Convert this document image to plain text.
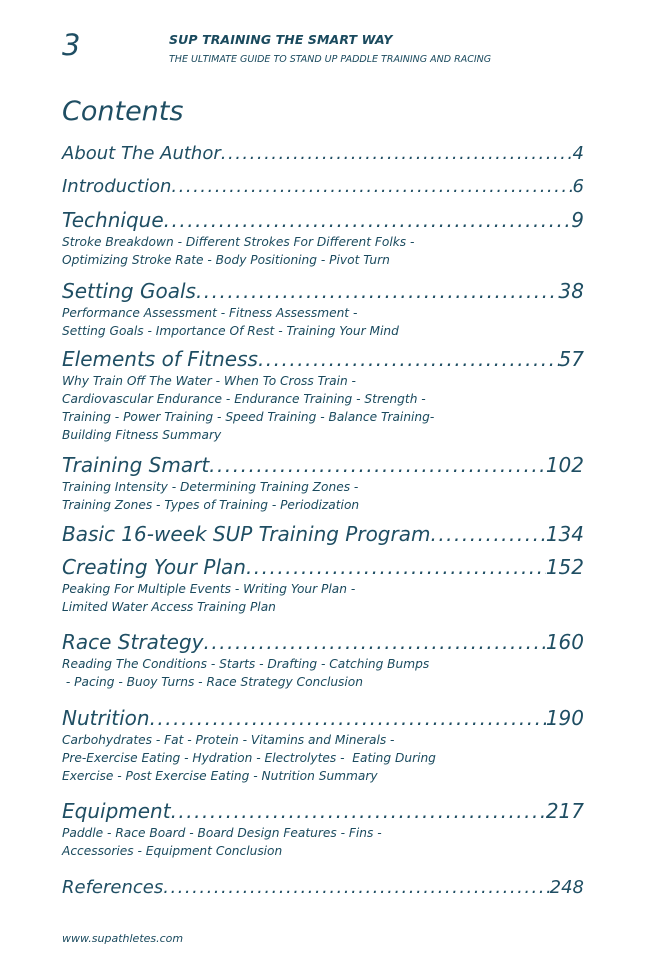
3	SUP TRAINING THE SMART WAY
THE ULTIMATE GUIDE TO STAND UP PADDLE TRAINING AND RACING
Contents
About The Author .....	4
Introduction .....	6
Technique .....	9
Stroke Breakdown - Different Strokes For Different Folks -
Optimizing Stroke Rate - Body Positioning - Pivot Turn
Setting Goals .....	38
Performance Assessment - Fitness Assessment -
Setting Goals - Importance Of Rest - Training Your Mind
Elements of Fitness .....	57
Why Train Off The Water - When To Cross Train -
Cardiovascular Endurance - Endurance Training - Strength -
Training - Power Training - Speed Training - Balance Training-
Building Fitness Summary
Training Smart .....	102
Training Intensity - Determining Training Zones -
Training Zones - Types of Training - Periodization
Basic 16-week SUP Training Program .....	134
Creating Your Plan .....	152
Peaking For Multiple Events - Writing Your Plan -
Limited Water Access Training Plan
Race Strategy .....	160
Reading The Conditions - Starts - Drafting - Catching Bumps
- Pacing - Buoy Turns - Race Strategy Conclusion
Nutrition .....	190
Carbohydrates - Fat - Protein - Vitamins and Minerals -
Pre-Exercise Eating - Hydration - Electrolytes -  Eating During
Exercise - Post Exercise Eating - Nutrition Summary
Equipment .....	217
Paddle - Race Board - Board Design Features - Fins -
Accessories - Equipment Conclusion
References .....	248
www.supathletes.com
